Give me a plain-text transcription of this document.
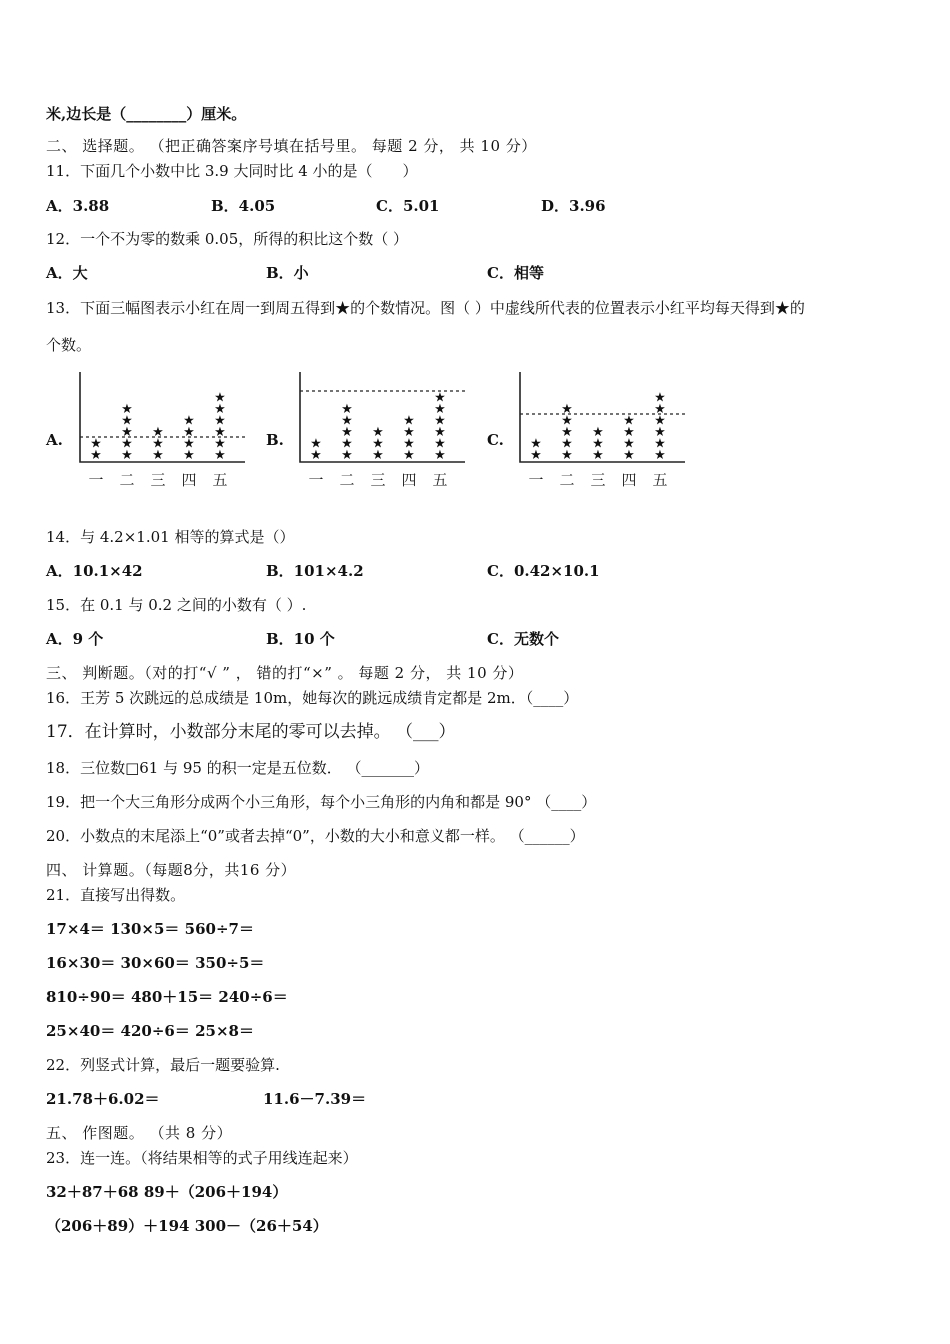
米,边长是（________）厘米。
二、 选择题。 （把正确答案序号填在括号里。 每题 2 分， 共 10 分）
11．下面几个小数中比 3.9 大同时比 4 小的是（　　）
A．3.88	B．4.05	C．5.01	D．3.96
12．一个不为零的数乘 0.05，所得的积比这个数（ ）
A．大	B．小	C．相等
13．下面三幅图表示小红在周一到周五得到★的个数情况。图（ ）中虚线所代表的位置表示小红平均每天得到★的
个数。
A.	B.	C.
★
★
一
★
★
★
★
★
二
★
★
★
三
★
★
★
★
四
★
★
★
★
★
★
五
★
★
一
★
★
★
★
★
二
★
★
★
三
★
★
★
★
四
★
★
★
★
★
★
五
★
★
一
★
★
★
★
★
二
★
★
★
三
★
★
★
★
四
★
★
★
★
★
★
五
14．与 4.2×1.01 相等的算式是（）
A．10.1×42	B．101×4.2	C．0.42×10.1
15．在 0.1 与 0.2 之间的小数有（ ）.
A．9 个	B．10 个	C．无数个
三、 判断题。（对的打“√ ” ， 错的打“×” 。 每题 2 分， 共 10 分）
16．王芳 5 次跳远的总成绩是 10m，她每次的跳远成绩肯定都是 2m．（____）
17．在计算时，小数部分末尾的零可以去掉。 （___）
18．三位数□61 与 95 的积一定是五位数． （_______）
19．把一个大三角形分成两个小三角形，每个小三角形的内角和都是 90° （____）
20．小数点的末尾添上“0”或者去掉“0”，小数的大小和意义都一样。 （______）
四、 计算题。（每题8分，共16 分）
21．直接写出得数。
17×4＝ 130×5＝ 560÷7＝
16×30＝ 30×60＝ 350÷5＝
810÷90＝ 480＋15＝ 240÷6＝
25×40＝ 420÷6＝ 25×8＝
22．列竖式计算，最后一题要验算.
21.78＋6.02＝	11.6－7.39＝
五、 作图题。 （共 8 分）
23．连一连。（将结果相等的式子用线连起来）
32＋87＋68 89＋（206＋194）
（206＋89）＋194 300－（26＋54）
